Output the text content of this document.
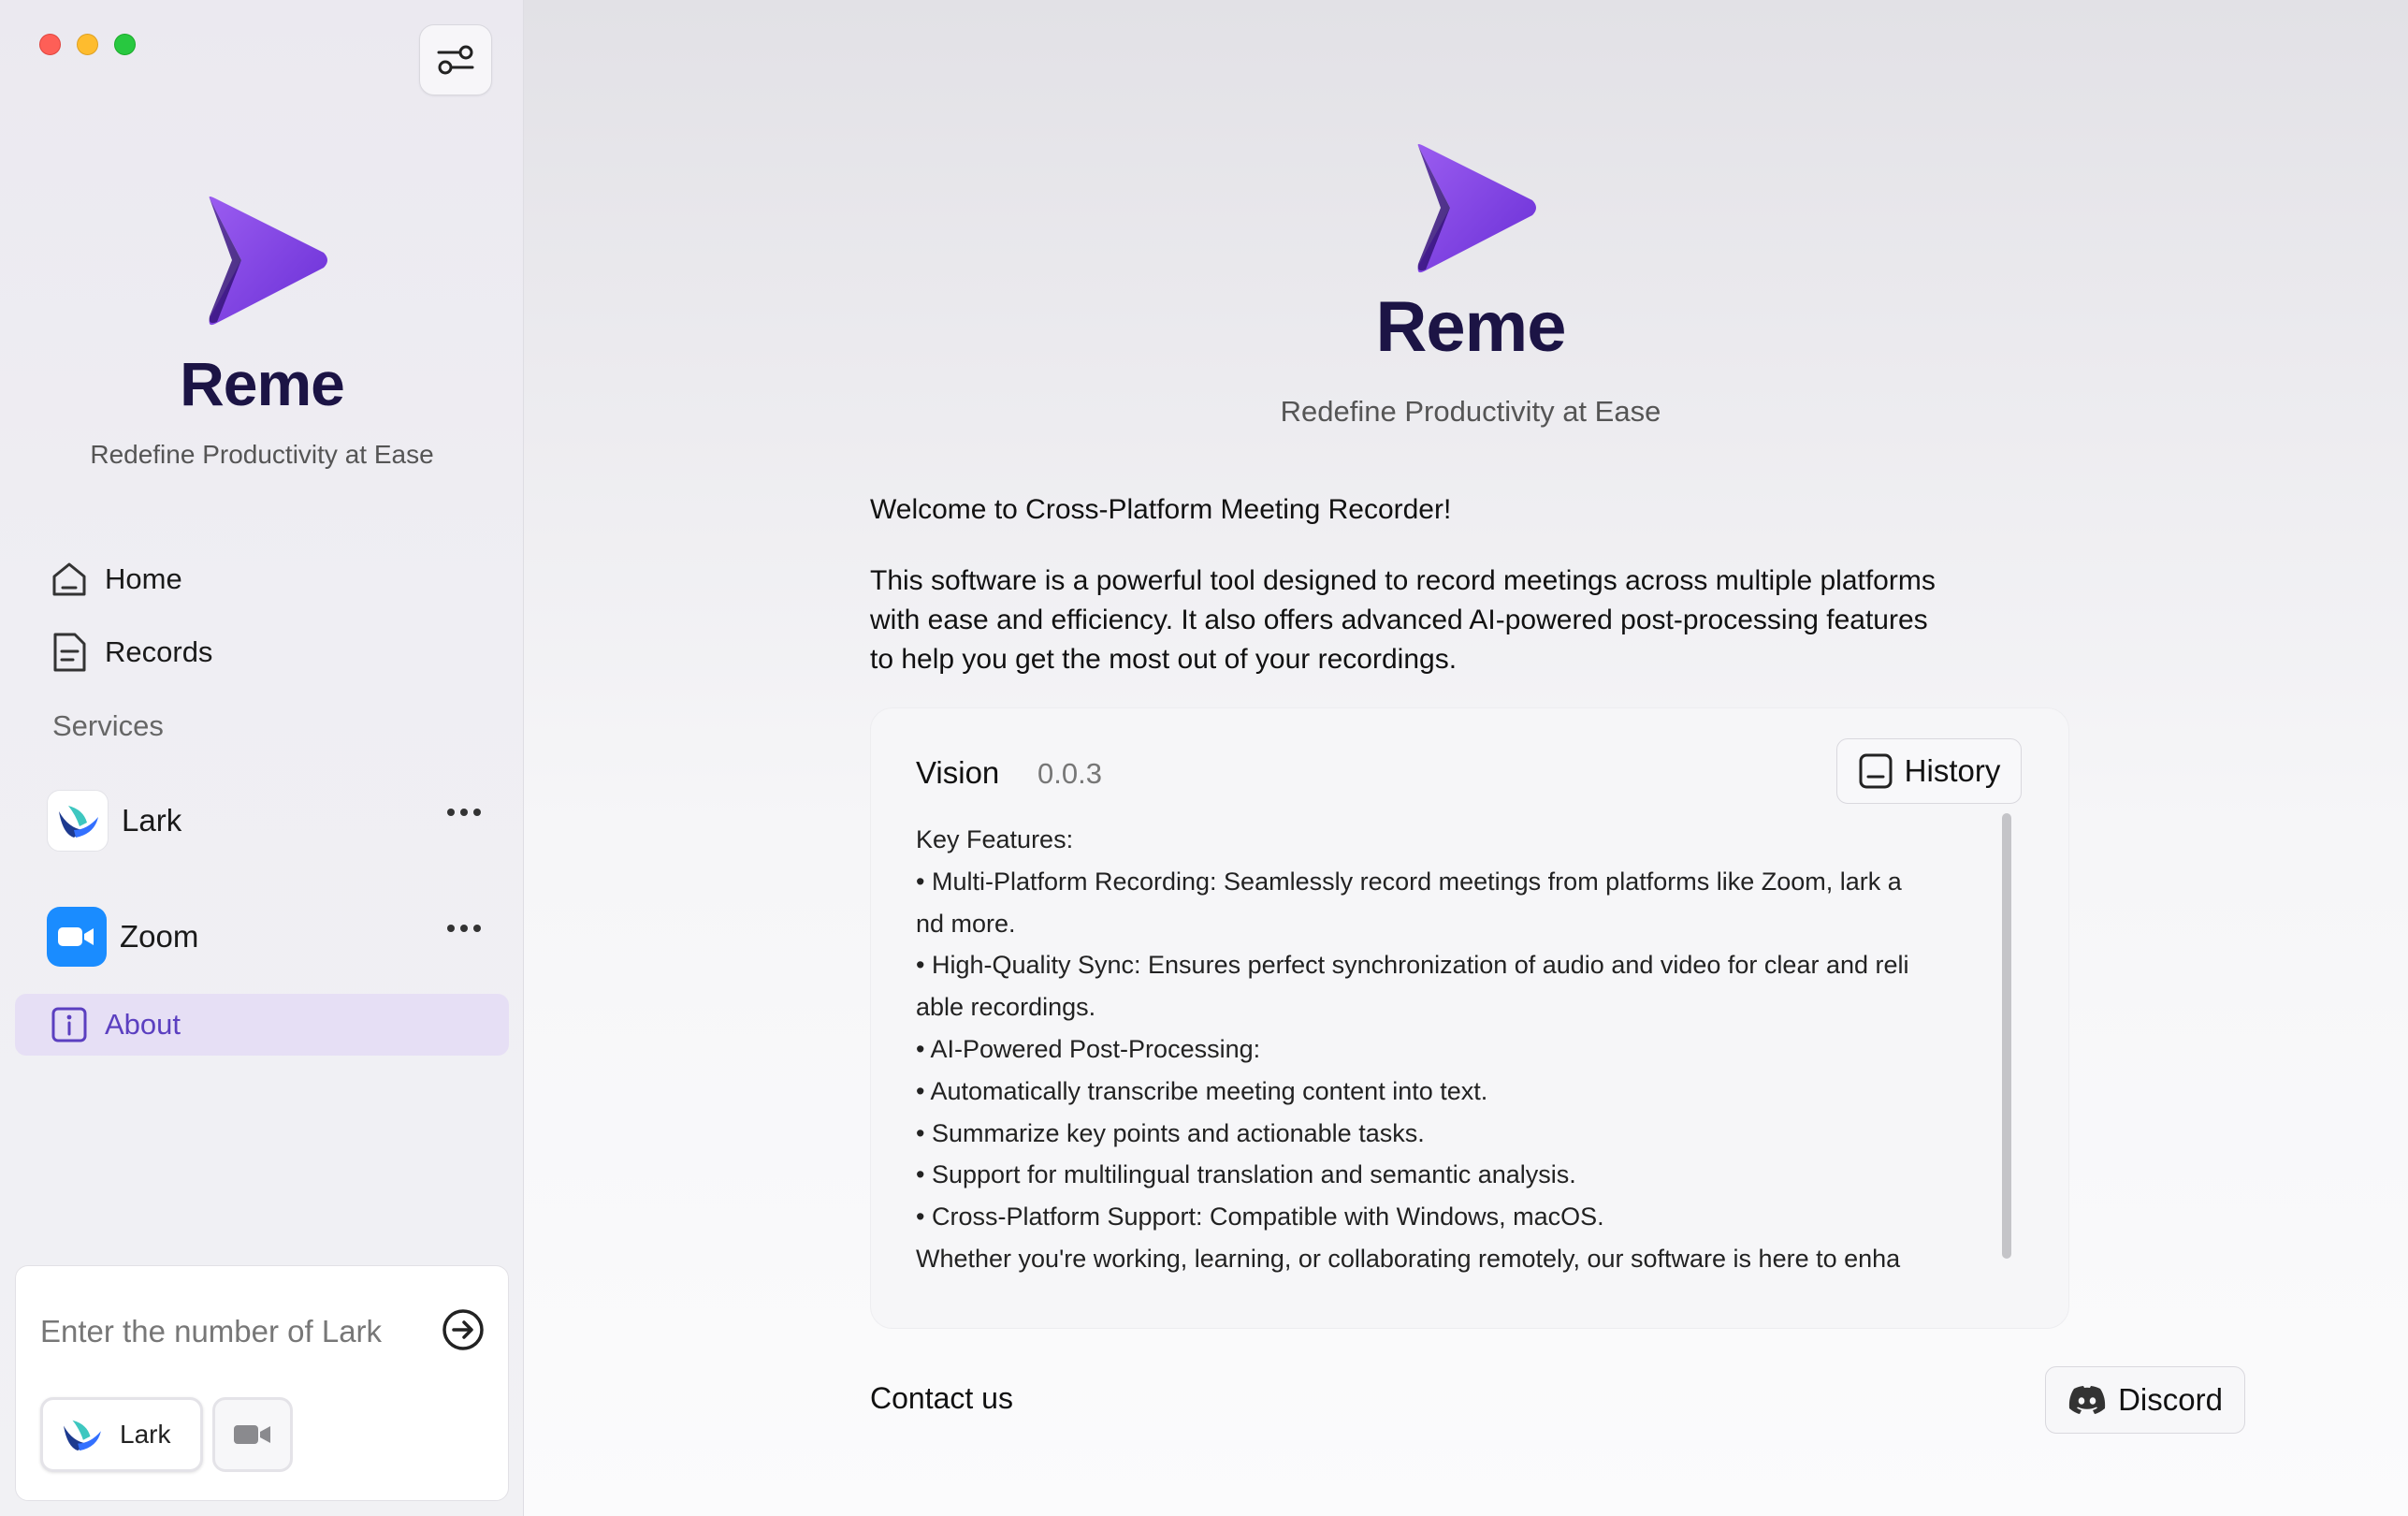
Reme
Redefine Productivity at Ease
Home
Records
Services
Lark
Zoom
About
Enter the number of Lark
Lark
Reme
Redefine Productivity at Ease
Welcome to Cross-Platform Meeting Recorder!
This software is a powerful tool designed to record meetings across multiple platforms
with ease and efficiency. It also offers advanced AI-powered post-processing features
to help you get the most out of your recordings.
Vision 0.0.3	History
Key Features:
• Multi-Platform Recording: Seamlessly record meetings from platforms like Zoom, lark a
nd more.
• High-Quality Sync: Ensures perfect synchronization of audio and video for clear and reli
able recordings.
• AI-Powered Post-Processing:
• Automatically transcribe meeting content into text.
• Summarize key points and actionable tasks.
• Support for multilingual translation and semantic analysis.
• Cross-Platform Support: Compatible with Windows, macOS.
Whether you're working, learning, or collaborating remotely, our software is here to enha
Contact us	Discord
